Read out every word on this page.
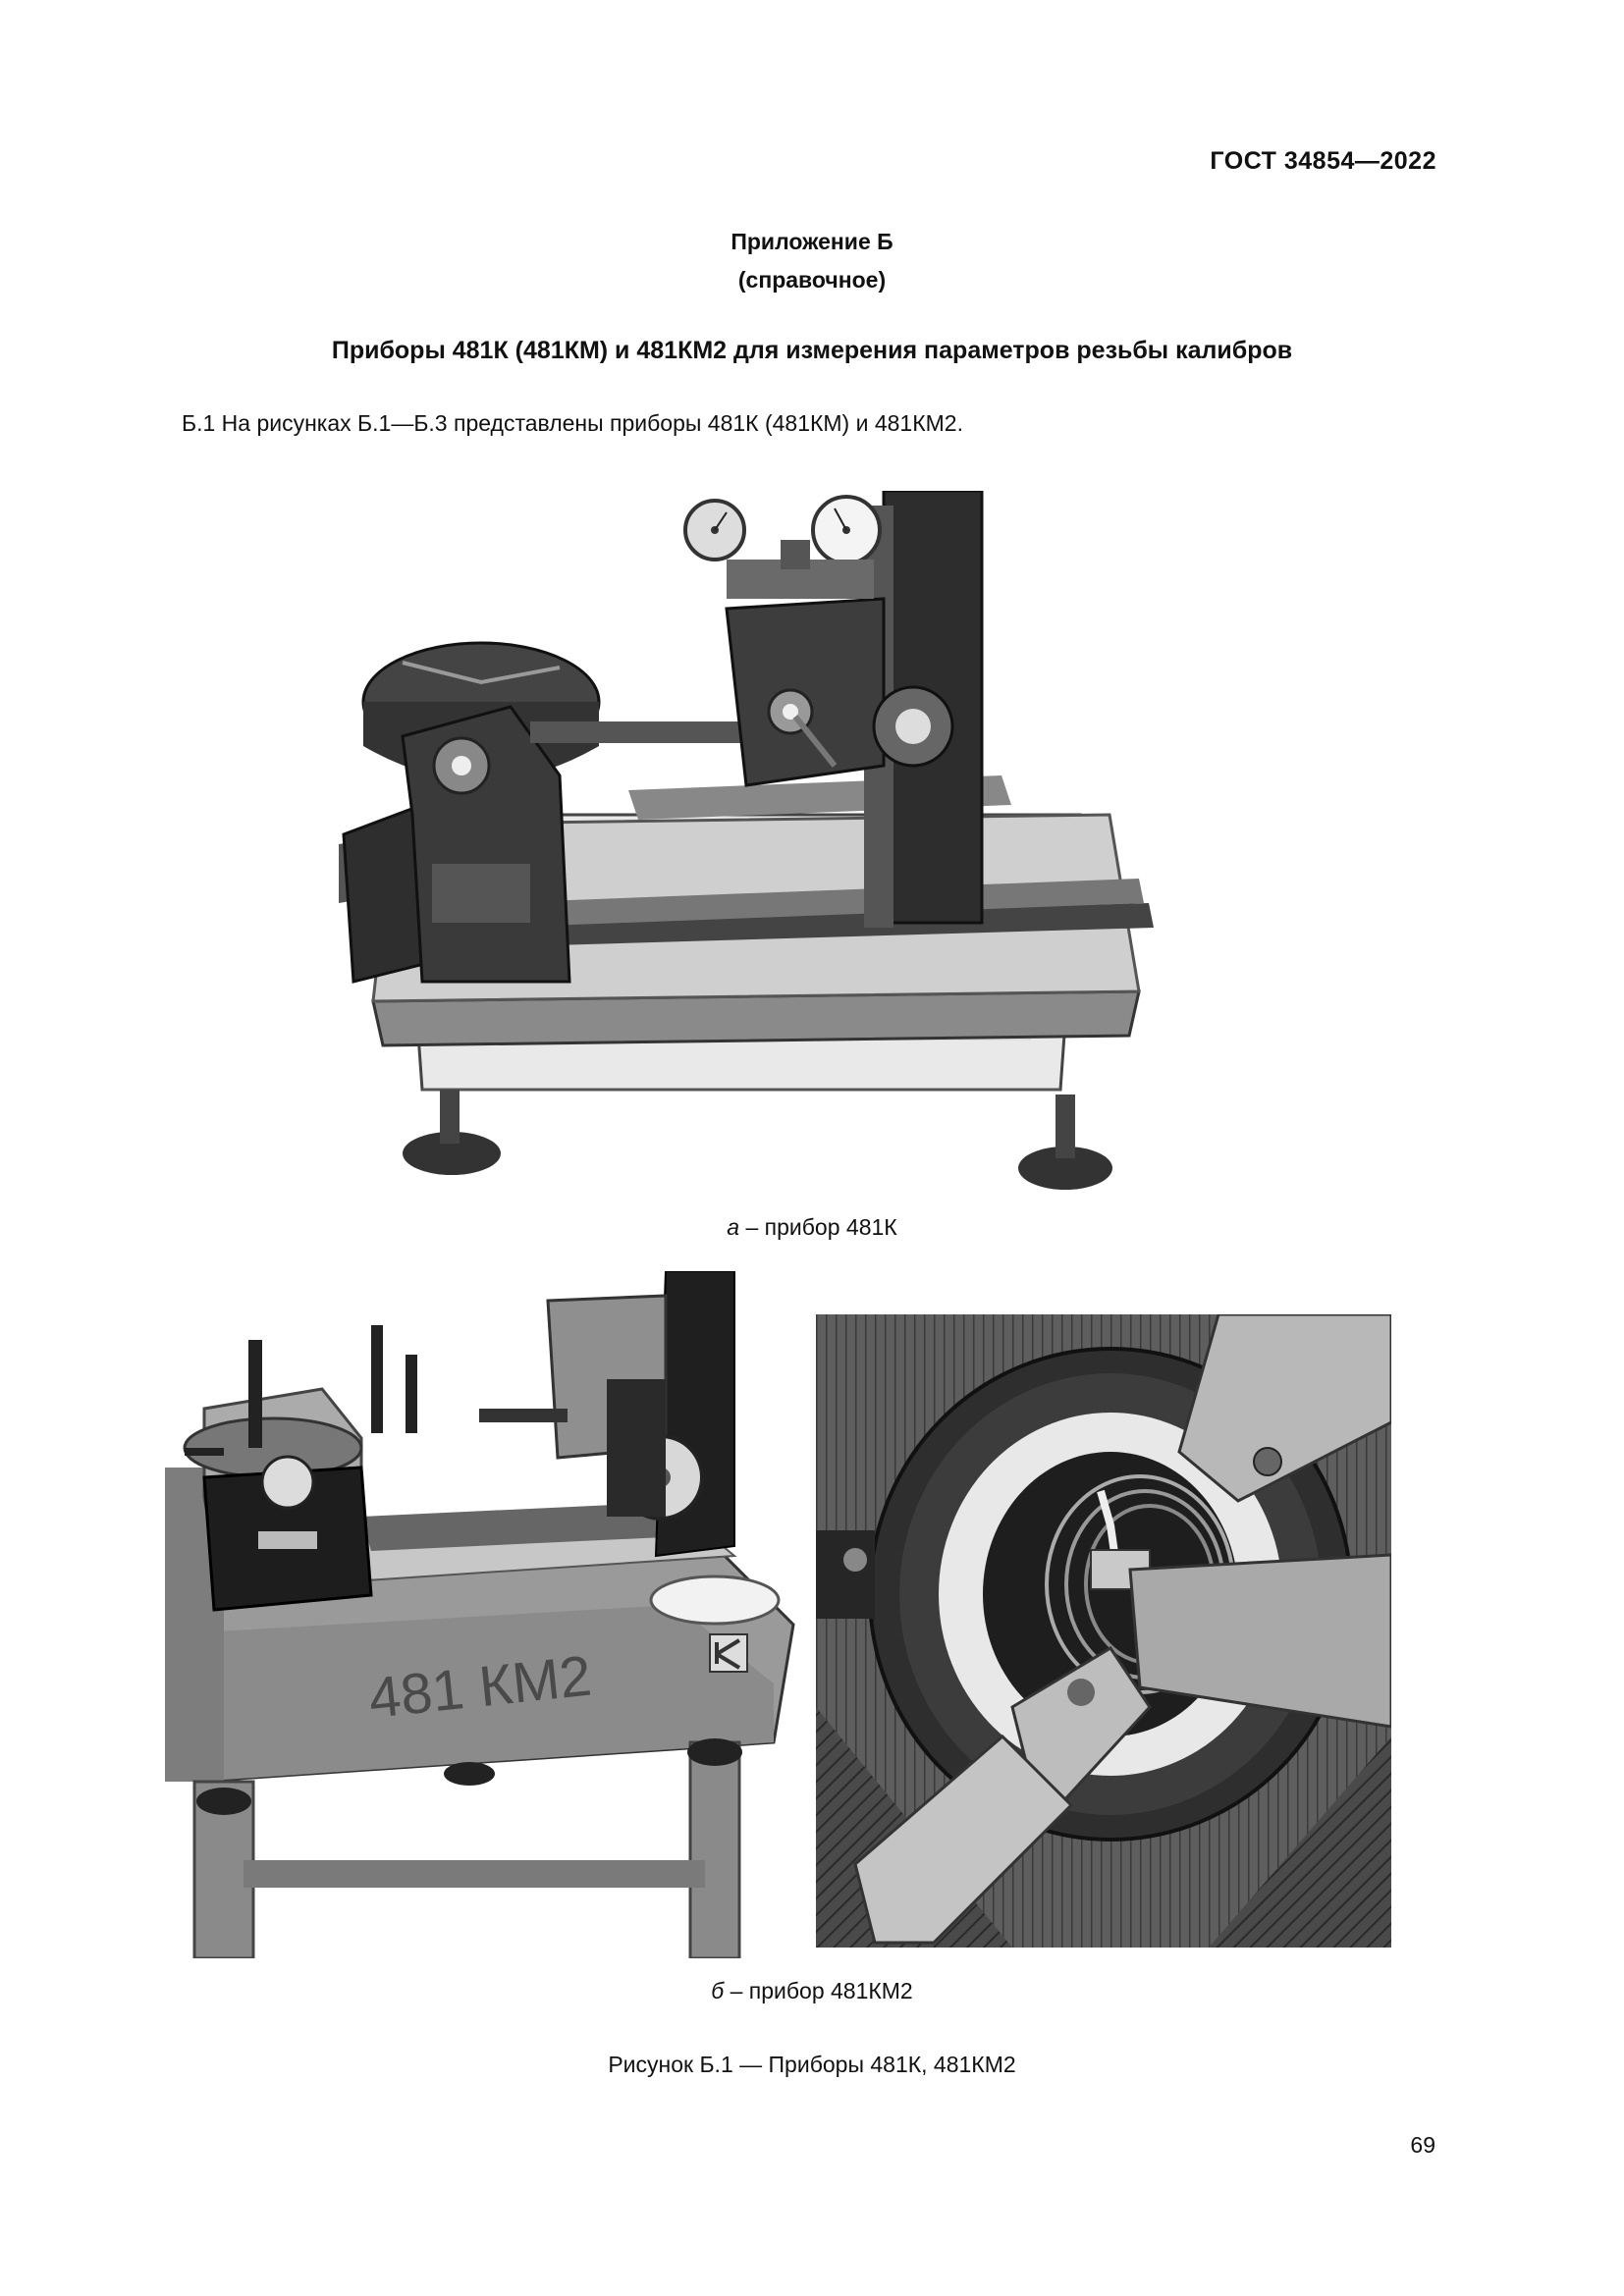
ГОСТ 34854—2022
Приложение Б
(справочное)
Приборы 481К (481КМ) и 481КМ2 для измерения параметров резьбы калибров
Б.1 На рисунках Б.1—Б.3 представлены приборы 481К (481КМ) и 481КМ2.
а – прибор 481К
481 КМ2
б – прибор 481КМ2
Рисунок Б.1 — Приборы 481К, 481КМ2
69
